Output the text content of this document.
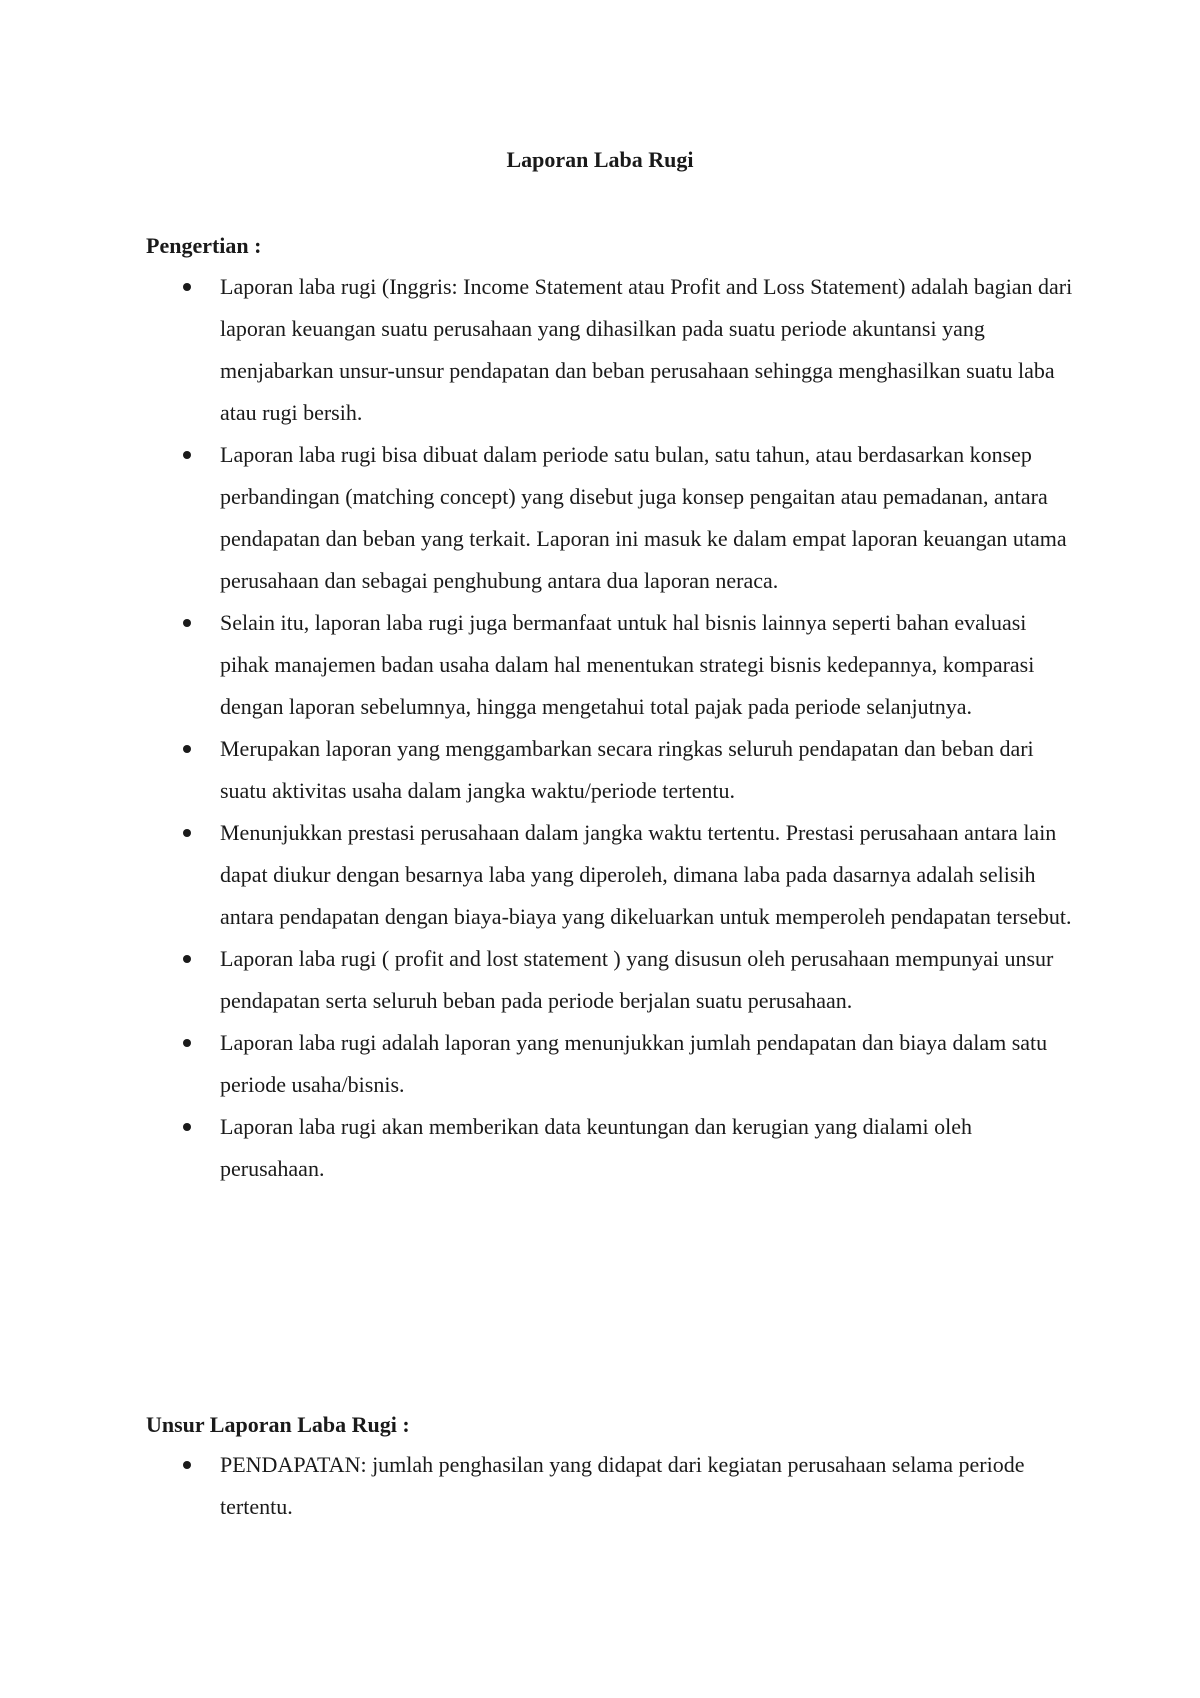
Laporan Laba Rugi
Pengertian :
Laporan laba rugi (Inggris: Income Statement atau Profit and Loss Statement) adalah bagian dari laporan keuangan suatu perusahaan yang dihasilkan pada suatu periode akuntansi yang menjabarkan unsur-unsur pendapatan dan beban perusahaan sehingga menghasilkan suatu laba atau rugi bersih.
Laporan laba rugi bisa dibuat dalam periode satu bulan, satu tahun, atau berdasarkan konsep perbandingan (matching concept) yang disebut juga konsep pengaitan atau pemadanan, antara pendapatan dan beban yang terkait. Laporan ini masuk ke dalam empat laporan keuangan utama perusahaan dan sebagai penghubung antara dua laporan neraca.
Selain itu, laporan laba rugi juga bermanfaat untuk hal bisnis lainnya seperti bahan evaluasi pihak manajemen badan usaha dalam hal menentukan strategi bisnis kedepannya, komparasi dengan laporan sebelumnya, hingga mengetahui total pajak pada periode selanjutnya.
Merupakan laporan yang menggambarkan secara ringkas seluruh pendapatan dan beban dari suatu aktivitas usaha dalam jangka waktu/periode tertentu.
Menunjukkan prestasi perusahaan dalam jangka waktu tertentu. Prestasi perusahaan antara lain dapat diukur dengan besarnya laba yang diperoleh, dimana laba pada dasarnya adalah selisih antara pendapatan dengan biaya-biaya yang dikeluarkan untuk memperoleh pendapatan tersebut.
Laporan laba rugi ( profit and lost statement ) yang disusun oleh perusahaan mempunyai unsur pendapatan serta seluruh beban pada periode berjalan suatu perusahaan.
Laporan laba rugi adalah laporan yang menunjukkan jumlah pendapatan dan biaya dalam satu periode usaha/bisnis.
Laporan laba rugi akan memberikan data keuntungan dan kerugian yang dialami oleh perusahaan.
Unsur Laporan Laba Rugi :
PENDAPATAN: jumlah penghasilan yang didapat dari kegiatan perusahaan selama periode tertentu.
